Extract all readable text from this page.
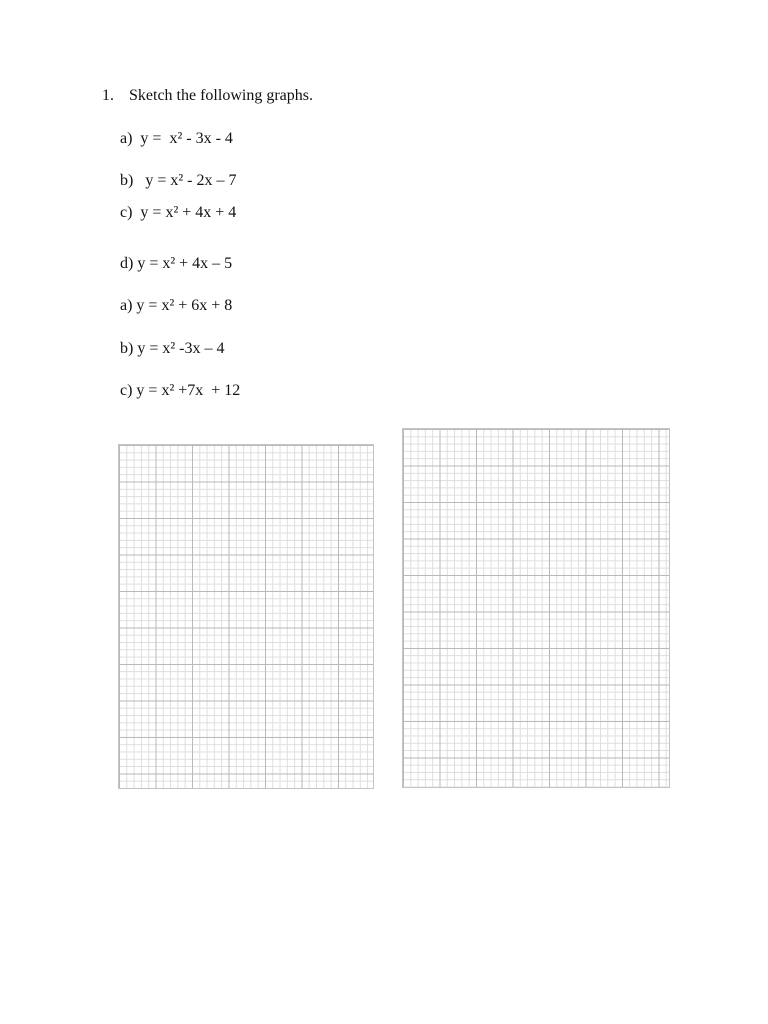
1. Sketch the following graphs.

a)  y =  x² - 3x - 4

b)   y = x² - 2x – 7

c)  y = x² + 4x + 4

d) y = x² + 4x – 5

a) y = x² + 6x + 8

b) y = x² -3x – 4

c) y = x² +7x  + 12
